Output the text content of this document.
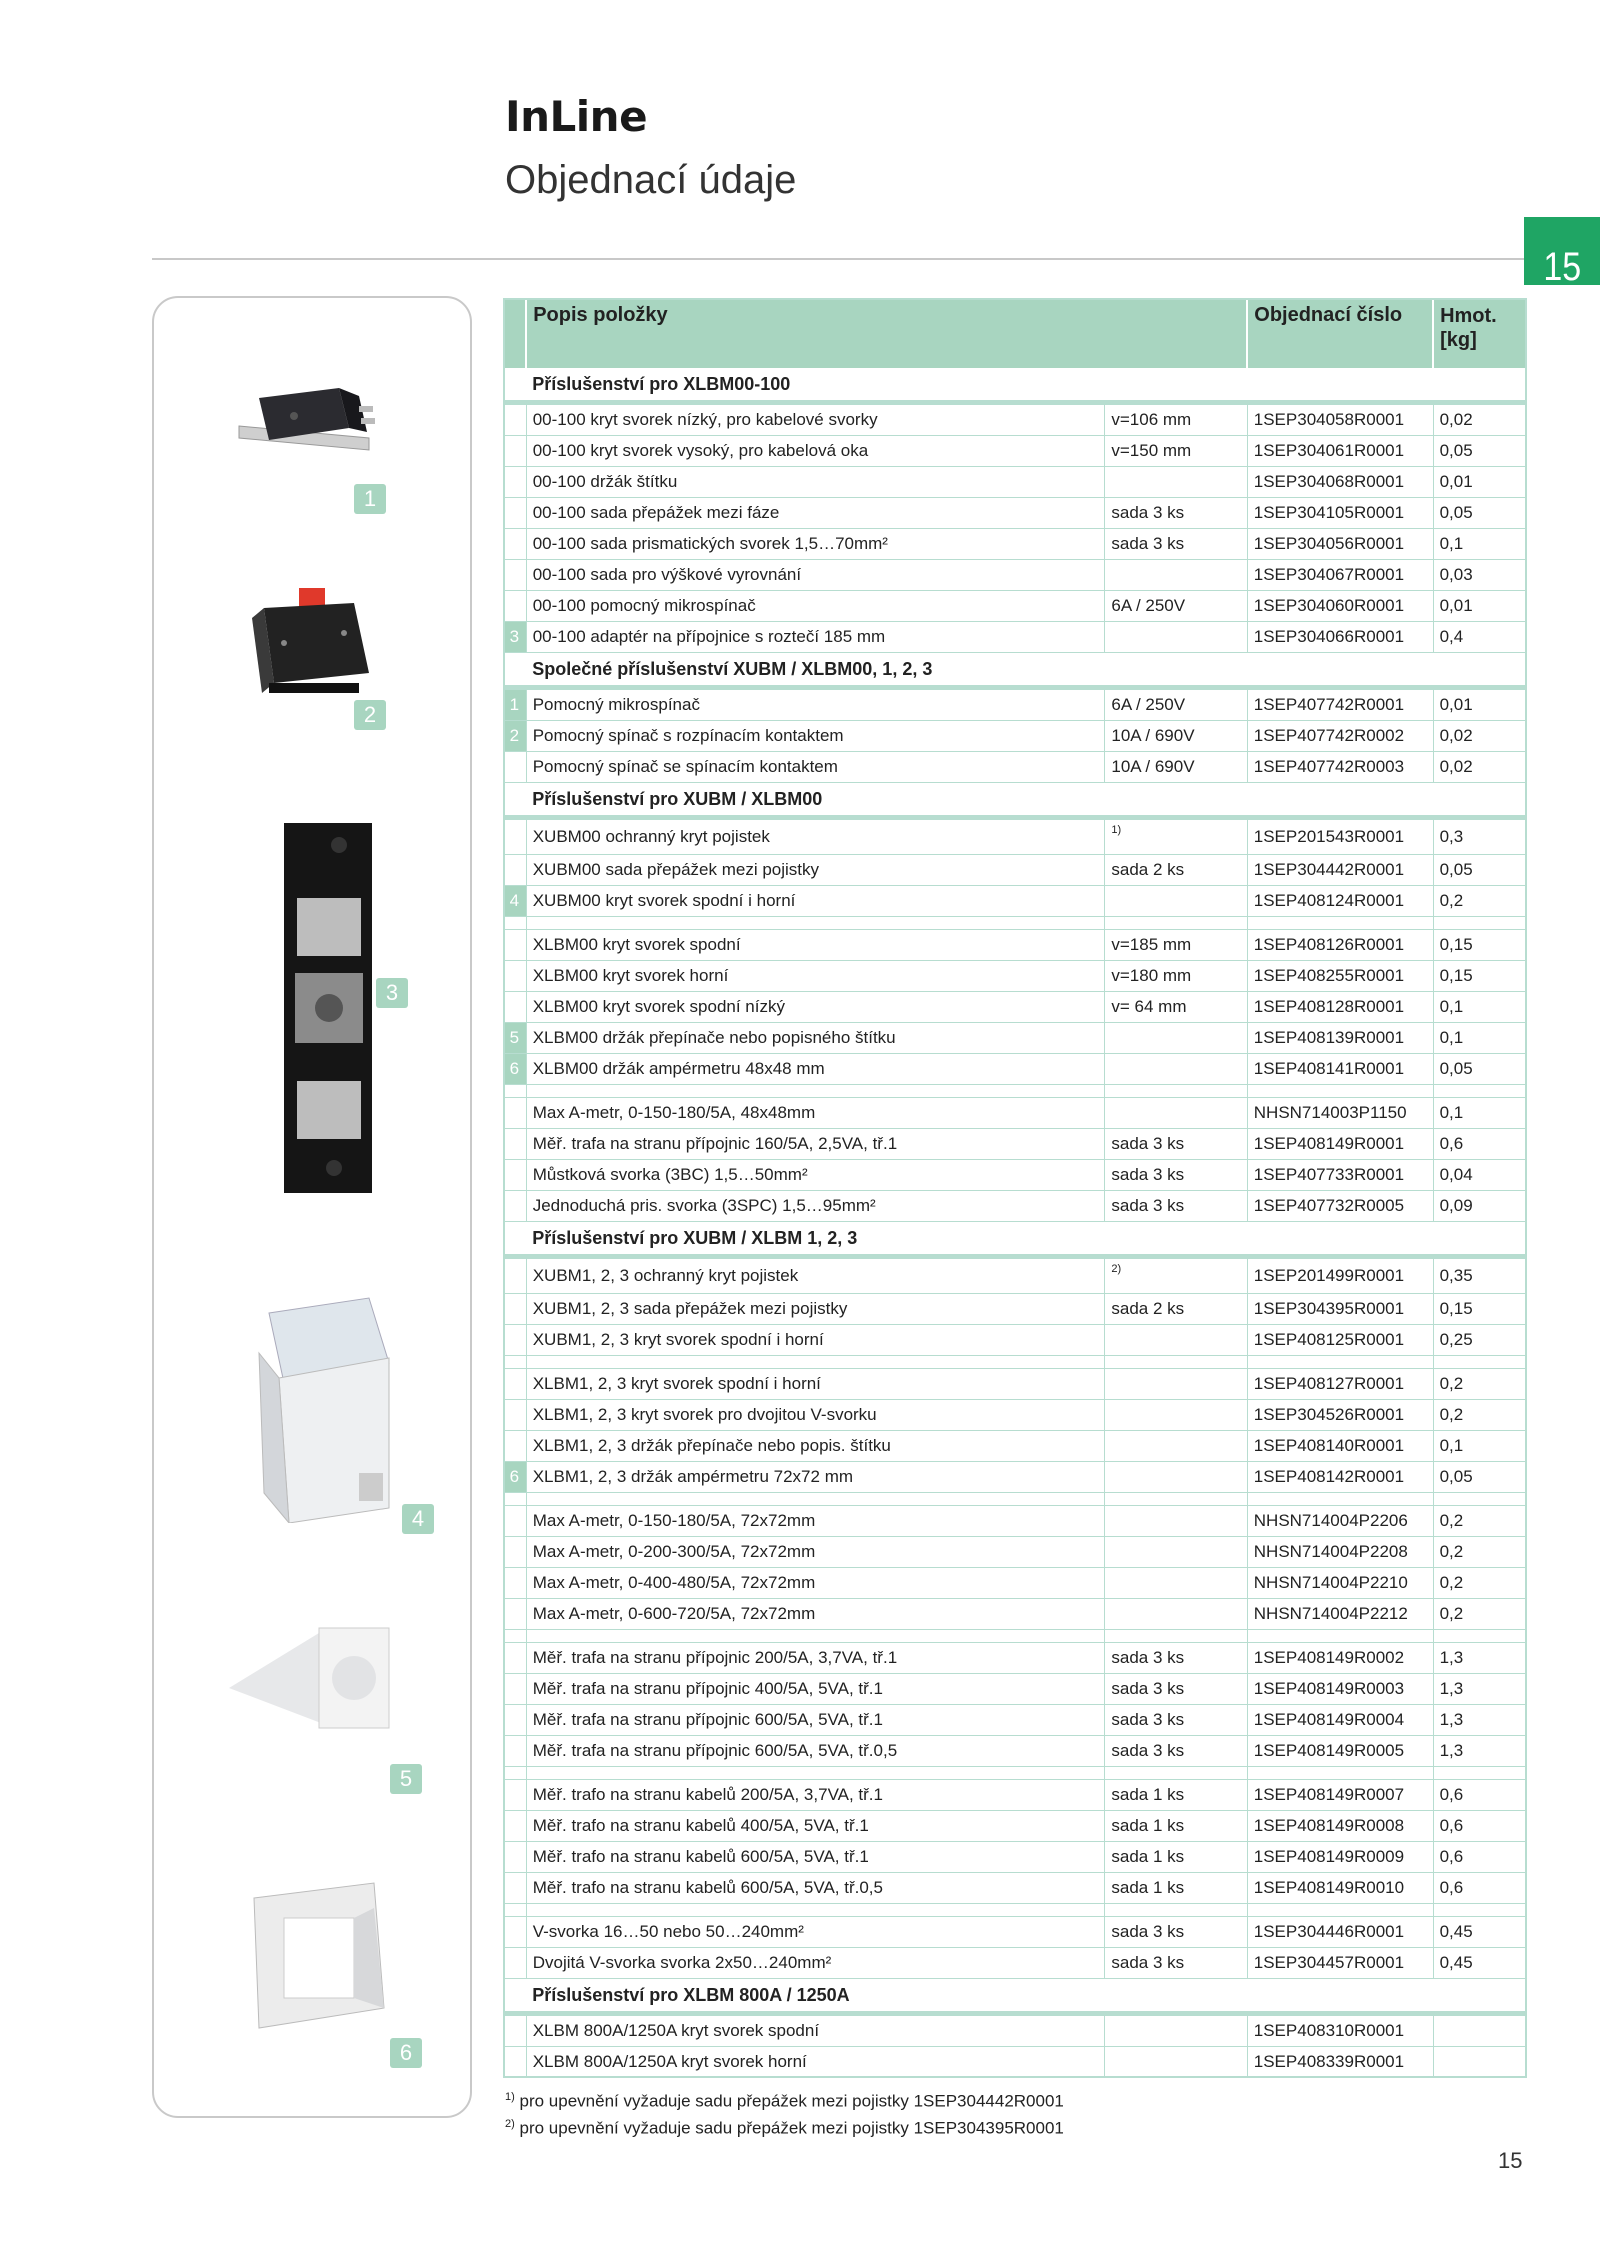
InLine
Objednací údaje
15
1
2
3
4
5
6
	Popis položky		Objednací číslo	Hmot. [kg]
	Příslušenství pro XLBM00-100			
	00-100 kryt svorek nízký, pro kabelové svorky	v=106 mm	1SEP304058R0001	0,02
	00-100 kryt svorek vysoký, pro kabelová oka	v=150 mm	1SEP304061R0001	0,05
	00-100 držák štítku		1SEP304068R0001	0,01
	00-100 sada přepážek mezi fáze	sada 3 ks	1SEP304105R0001	0,05
	00-100 sada prismatických svorek 1,5…70mm²	sada 3 ks	1SEP304056R0001	0,1
	00-100 sada pro výškové vyrovnání		1SEP304067R0001	0,03
	00-100 pomocný mikrospínač	6A / 250V	1SEP304060R0001	0,01
3	00-100 adaptér na přípojnice s roztečí 185 mm		1SEP304066R0001	0,4
	Společné příslušenství XUBM / XLBM00, 1, 2, 3			
1	Pomocný mikrospínač	6A / 250V	1SEP407742R0001	0,01
2	Pomocný spínač s rozpínacím kontaktem	10A / 690V	1SEP407742R0002	0,02
	Pomocný spínač se spínacím kontaktem	10A / 690V	1SEP407742R0003	0,02
	Příslušenství pro XUBM / XLBM00			
	XUBM00 ochranný kryt pojistek	1)	1SEP201543R0001	0,3
	XUBM00 sada přepážek mezi pojistky	sada 2 ks	1SEP304442R0001	0,05
4	XUBM00 kryt svorek spodní i horní		1SEP408124R0001	0,2

	XLBM00 kryt svorek spodní	v=185 mm	1SEP408126R0001	0,15
	XLBM00 kryt svorek horní	v=180 mm	1SEP408255R0001	0,15
	XLBM00 kryt svorek spodní nízký	v= 64 mm	1SEP408128R0001	0,1
5	XLBM00 držák přepínače nebo popisného štítku		1SEP408139R0001	0,1
6	XLBM00 držák ampérmetru 48x48 mm		1SEP408141R0001	0,05

	Max A-metr, 0-150-180/5A, 48x48mm		NHSN714003P1150	0,1
	Měř. trafa na stranu přípojnic 160/5A, 2,5VA, tř.1	sada 3 ks	1SEP408149R0001	0,6
	Můstková svorka (3BC) 1,5…50mm²	sada 3 ks	1SEP407733R0001	0,04
	Jednoduchá pris. svorka (3SPC) 1,5…95mm²	sada 3 ks	1SEP407732R0005	0,09
	Příslušenství pro XUBM / XLBM 1, 2, 3			
	XUBM1, 2, 3 ochranný kryt pojistek	2)	1SEP201499R0001	0,35
	XUBM1, 2, 3 sada přepážek mezi pojistky	sada 2 ks	1SEP304395R0001	0,15
	XUBM1, 2, 3 kryt svorek spodní i horní		1SEP408125R0001	0,25

	XLBM1, 2, 3 kryt svorek spodní i horní		1SEP408127R0001	0,2
	XLBM1, 2, 3 kryt svorek pro dvojitou V-svorku		1SEP304526R0001	0,2
	XLBM1, 2, 3 držák přepínače nebo popis. štítku		1SEP408140R0001	0,1
6	XLBM1, 2, 3 držák ampérmetru 72x72 mm		1SEP408142R0001	0,05

	Max A-metr, 0-150-180/5A, 72x72mm		NHSN714004P2206	0,2
	Max A-metr, 0-200-300/5A, 72x72mm		NHSN714004P2208	0,2
	Max A-metr, 0-400-480/5A, 72x72mm		NHSN714004P2210	0,2
	Max A-metr, 0-600-720/5A, 72x72mm		NHSN714004P2212	0,2

	Měř. trafa na stranu přípojnic 200/5A, 3,7VA, tř.1	sada 3 ks	1SEP408149R0002	1,3
	Měř. trafa na stranu přípojnic 400/5A, 5VA, tř.1	sada 3 ks	1SEP408149R0003	1,3
	Měř. trafa na stranu přípojnic 600/5A, 5VA, tř.1	sada 3 ks	1SEP408149R0004	1,3
	Měř. trafa na stranu přípojnic 600/5A, 5VA, tř.0,5	sada 3 ks	1SEP408149R0005	1,3

	Měř. trafo na stranu kabelů 200/5A, 3,7VA, tř.1	sada 1 ks	1SEP408149R0007	0,6
	Měř. trafo na stranu kabelů 400/5A, 5VA, tř.1	sada 1 ks	1SEP408149R0008	0,6
	Měř. trafo na stranu kabelů 600/5A, 5VA, tř.1	sada 1 ks	1SEP408149R0009	0,6
	Měř. trafo na stranu kabelů 600/5A, 5VA, tř.0,5	sada 1 ks	1SEP408149R0010	0,6

	V-svorka 16…50 nebo 50…240mm²	sada 3 ks	1SEP304446R0001	0,45
	Dvojitá V-svorka svorka 2x50…240mm²	sada 3 ks	1SEP304457R0001	0,45
	Příslušenství pro XLBM 800A / 1250A			
	XLBM 800A/1250A kryt svorek spodní		1SEP408310R0001	
	XLBM 800A/1250A kryt svorek horní		1SEP408339R0001	
$^{1)}$ pro upevnění vyžaduje sadu přepážek mezi pojistky 1SEP304442R0001
$^{2)}$ pro upevnění vyžaduje sadu přepážek mezi pojistky 1SEP304395R0001
15
